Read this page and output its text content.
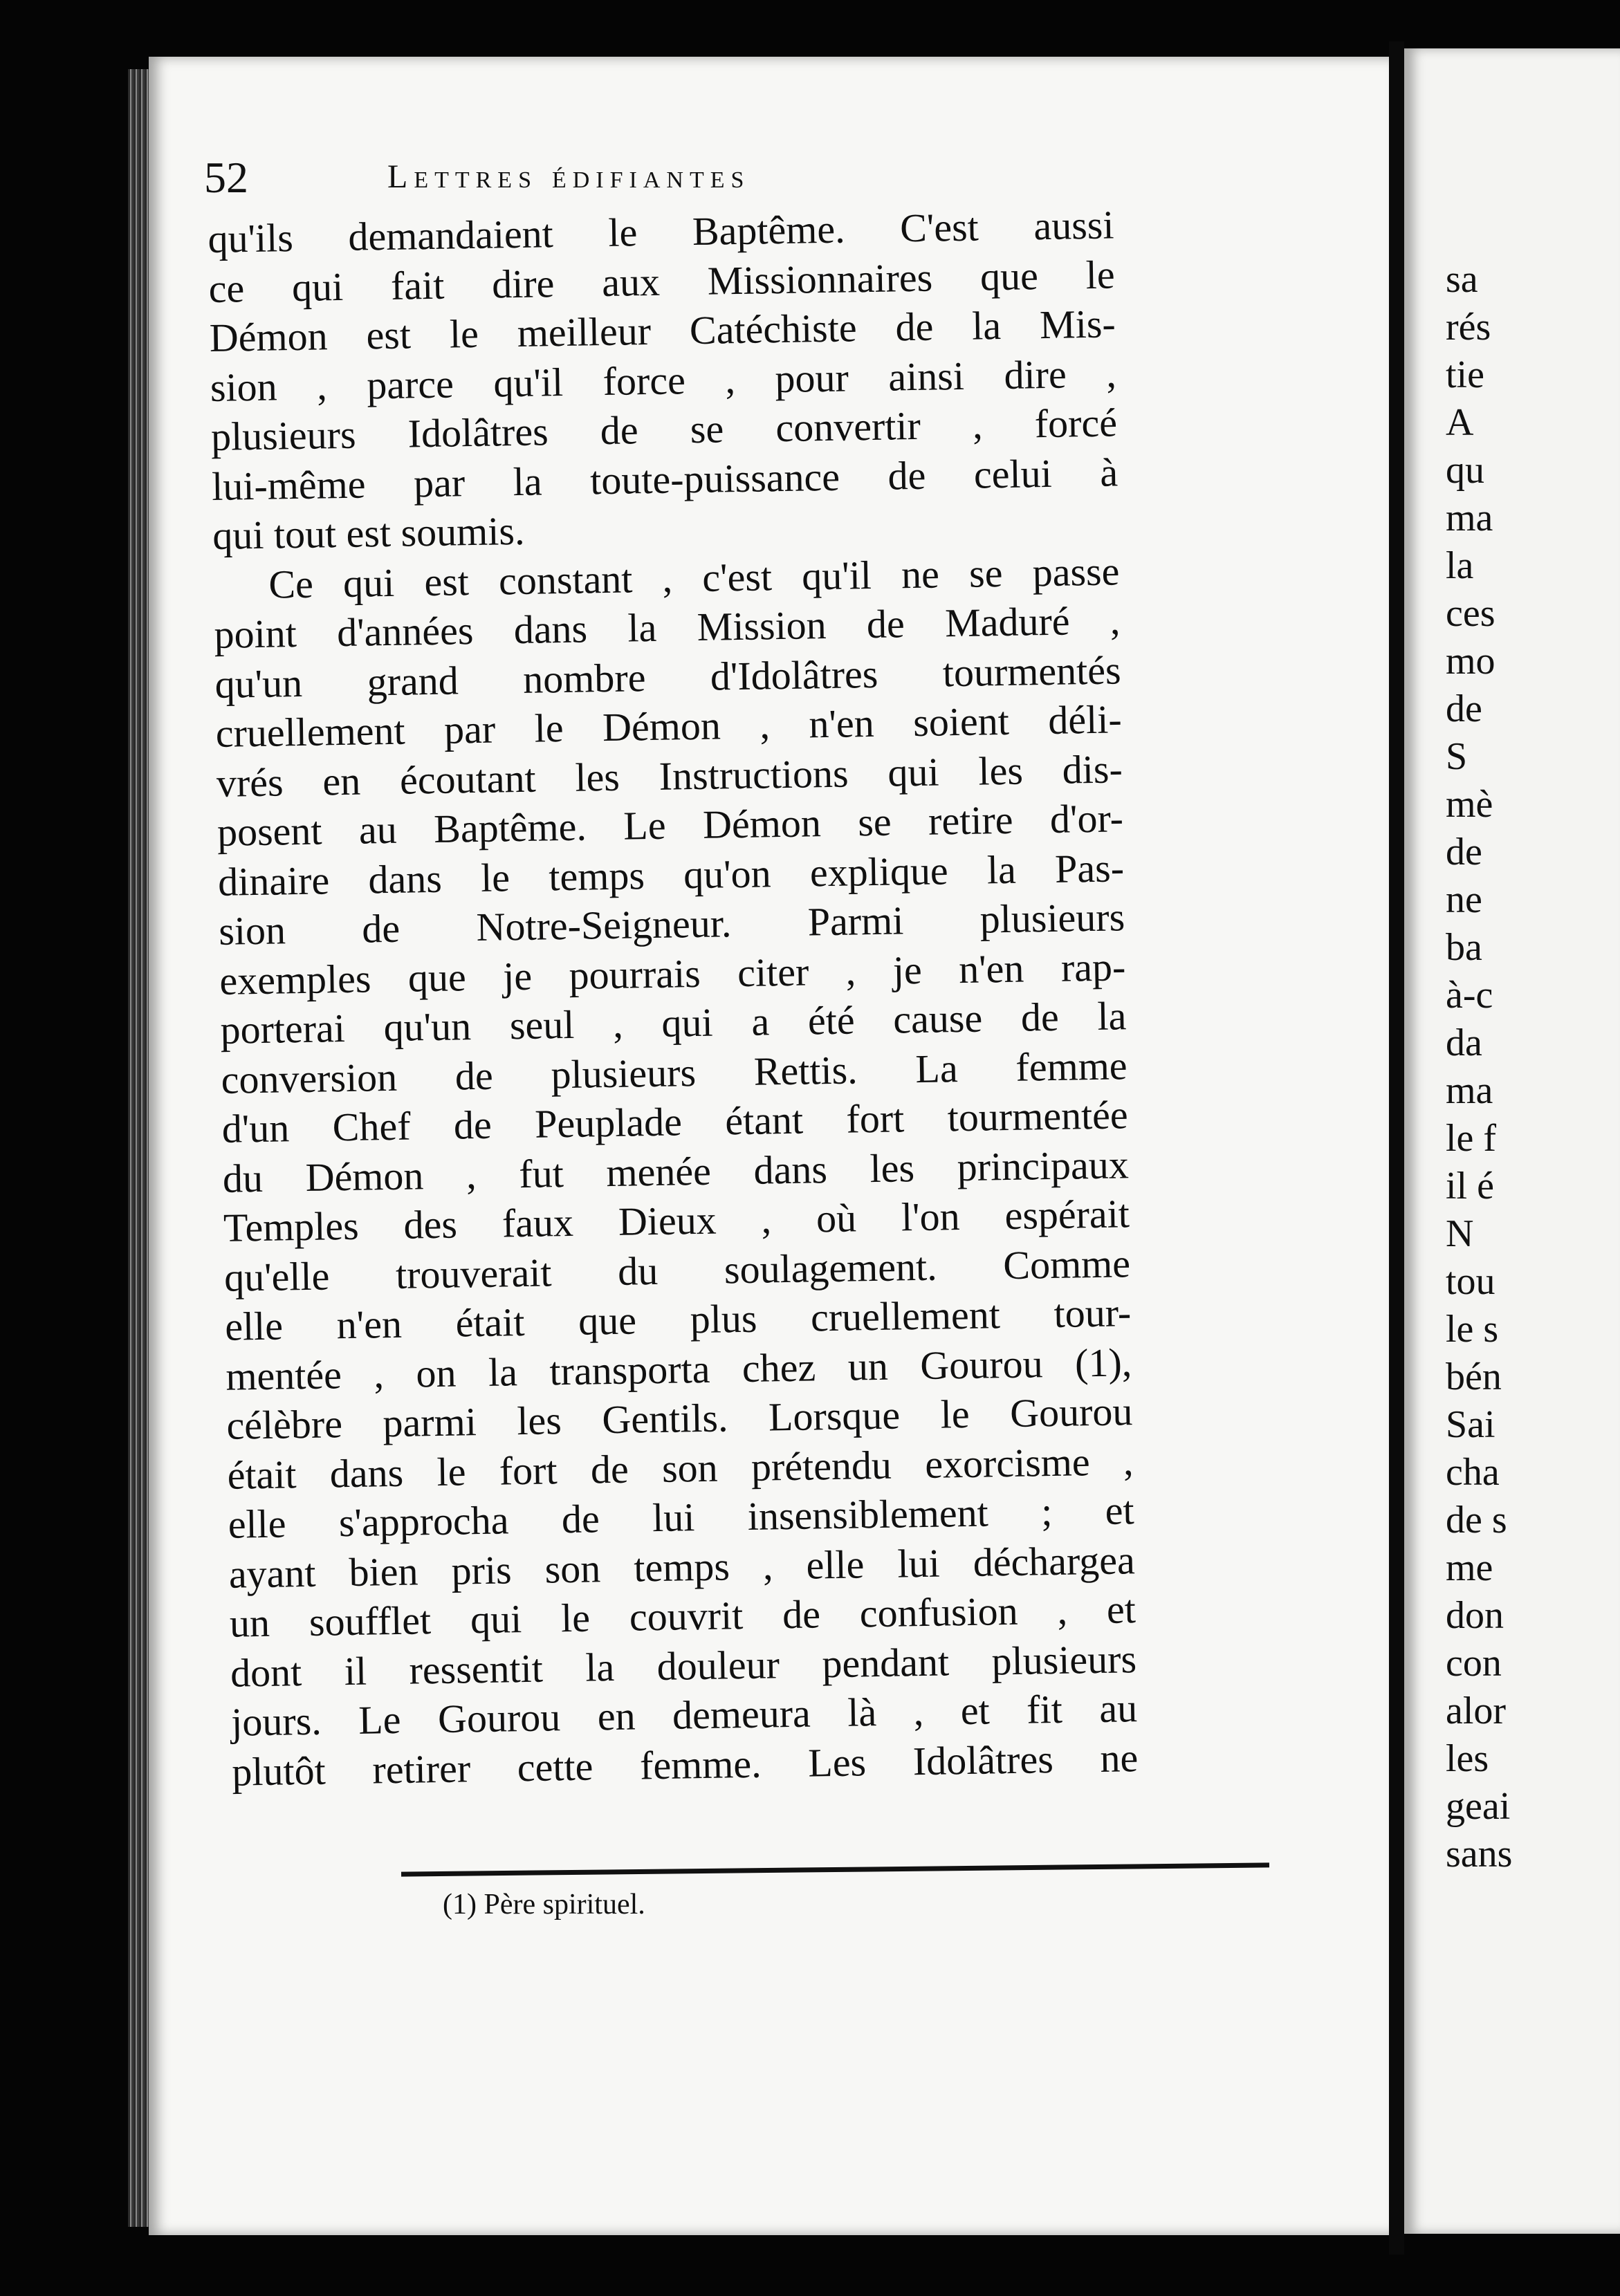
52	Lettres édifiantes
qu'ils demandaient le Baptême. C'est aussi
ce qui fait dire aux Missionnaires que le
Démon est le meilleur Catéchiste de la Mis-
sion , parce qu'il force , pour ainsi dire ,
plusieurs Idolâtres de se convertir , forcé
lui-même par la toute-puissance de celui à
qui tout est soumis.
Ce qui est constant , c'est qu'il ne se passe
point d'années dans la Mission de Maduré ,
qu'un grand nombre d'Idolâtres tourmentés
cruellement par le Démon , n'en soient déli-
vrés en écoutant les Instructions qui les dis-
posent au Baptême. Le Démon se retire d'or-
dinaire dans le temps qu'on explique la Pas-
sion de Notre-Seigneur. Parmi plusieurs
exemples que je pourrais citer , je n'en rap-
porterai qu'un seul , qui a été cause de la
conversion de plusieurs Rettis. La femme
d'un Chef de Peuplade étant fort tourmentée
du Démon , fut menée dans les principaux
Temples des faux Dieux , où l'on espérait
qu'elle trouverait du soulagement. Comme
elle n'en était que plus cruellement tour-
mentée , on la transporta chez un Gourou (1),
célèbre parmi les Gentils. Lorsque le Gourou
était dans le fort de son prétendu exorcisme ,
elle s'approcha de lui insensiblement ; et
ayant bien pris son temps , elle lui déchargea
un soufflet qui le couvrit de confusion , et
dont il ressentit la douleur pendant plusieurs
jours. Le Gourou en demeura là , et fit au
plutôt retirer cette femme. Les Idolâtres ne
(1) Père spirituel.
sa
rés
tie
A
qu
ma
la
ces
mo
de
S
mè
de
ne
ba
à-c
da
ma
le f
il é
N
tou
le s
bén
Sai
cha
de s
me
don
con
alor
les
geai
sans
